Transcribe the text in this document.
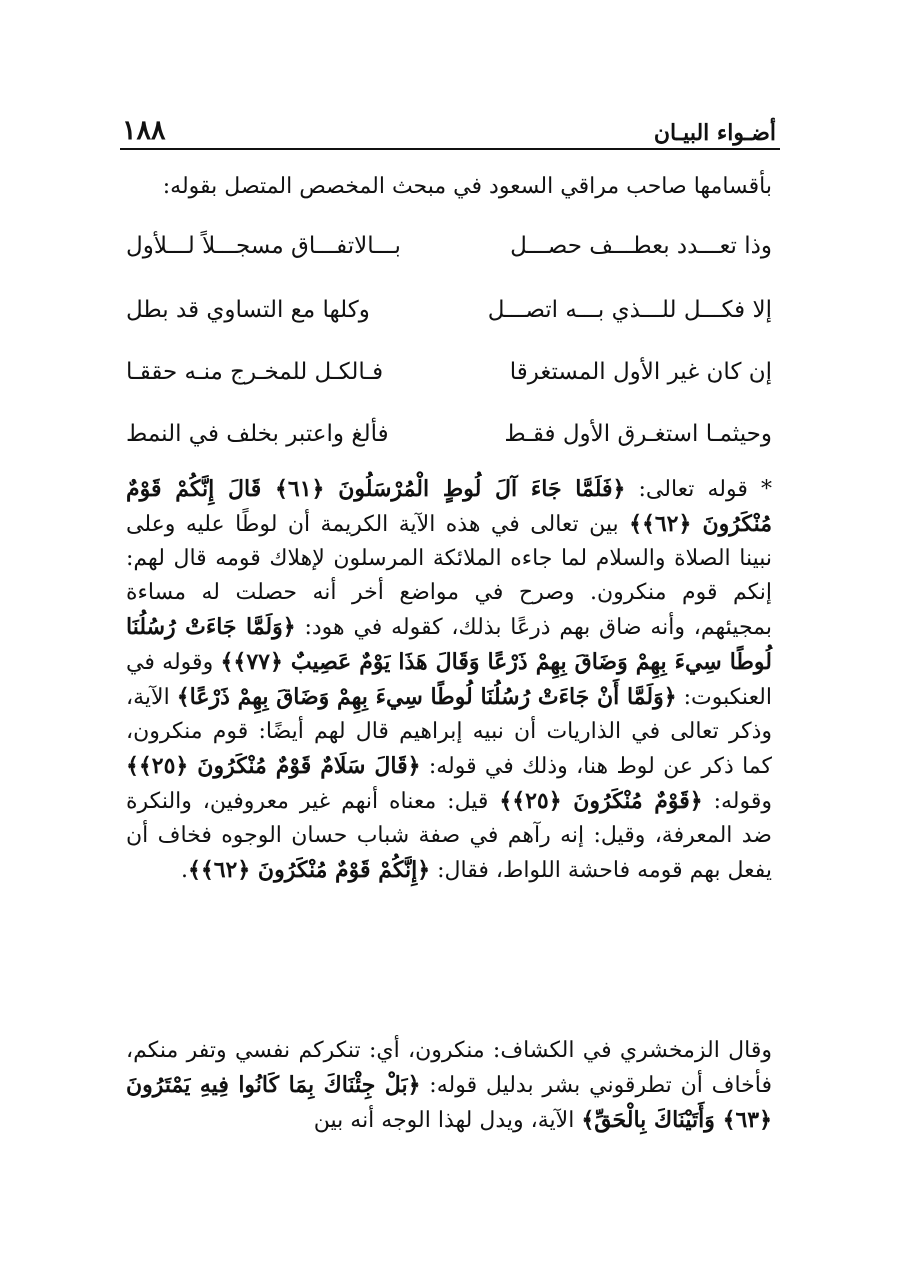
١٨٨	أضـواء البيـان
بأقسامها صاحب مراقي السعود في مبحث المخصص المتصل بقوله:
وذا تعـــدد بعطـــف حصـــل
بـــالاتفـــاق مسجـــلاً لـــلأول
إلا فكـــل للـــذي بـــه اتصـــل
وكلها مع التساوي قد بطل
إن كان غير الأول المستغرقا
فـالكـل للمخـرج منـه حققـا
وحيثمـا استغـرق الأول فقـط
فألغ واعتبر بخلف في النمط
* قوله تعالى: ﴿فَلَمَّا جَاءَ آلَ لُوطٍ الْمُرْسَلُونَ ﴿٦١﴾ قَالَ إِنَّكُمْ قَوْمٌ مُنْكَرُونَ ﴿٦٢﴾﴾ بين تعالى في هذه الآية الكريمة أن لوطًا عليه وعلى نبينا الصلاة والسلام لما جاءه الملائكة المرسلون لإهلاك قومه قال لهم: إنكم قوم منكرون. وصرح في مواضع أخر أنه حصلت له مساءة بمجيئهم، وأنه ضاق بهم ذرعًا بذلك، كقوله في هود: ﴿وَلَمَّا جَاءَتْ رُسُلُنَا لُوطًا سِيءَ بِهِمْ وَضَاقَ بِهِمْ ذَرْعًا وَقَالَ هَذَا يَوْمٌ عَصِيبٌ ﴿٧٧﴾﴾ وقوله في العنكبوت: ﴿وَلَمَّا أَنْ جَاءَتْ رُسُلُنَا لُوطًا سِيءَ بِهِمْ وَضَاقَ بِهِمْ ذَرْعًا﴾ الآية، وذكر تعالى في الذاريات أن نبيه إبراهيم قال لهم أيضًا: قوم منكرون، كما ذكر عن لوط هنا، وذلك في قوله: ﴿قَالَ سَلَامٌ قَوْمٌ مُنْكَرُونَ ﴿٢٥﴾﴾ وقوله: ﴿قَوْمٌ مُنْكَرُونَ ﴿٢٥﴾﴾ قيل: معناه أنهم غير معروفين، والنكرة ضد المعرفة، وقيل: إنه رآهم في صفة شباب حسان الوجوه فخاف أن يفعل بهم قومه فاحشة اللواط، فقال: ﴿إِنَّكُمْ قَوْمٌ مُنْكَرُونَ ﴿٦٢﴾﴾.
وقال الزمخشري في الكشاف: منكرون، أي: تنكركم نفسي وتفر منكم، فأخاف أن تطرقوني بشر بدليل قوله: ﴿بَلْ جِئْنَاكَ بِمَا كَانُوا فِيهِ يَمْتَرُونَ ﴿٦٣﴾ وَأَتَيْنَاكَ بِالْحَقِّ﴾ الآية، ويدل لهذا الوجه أنه بين
